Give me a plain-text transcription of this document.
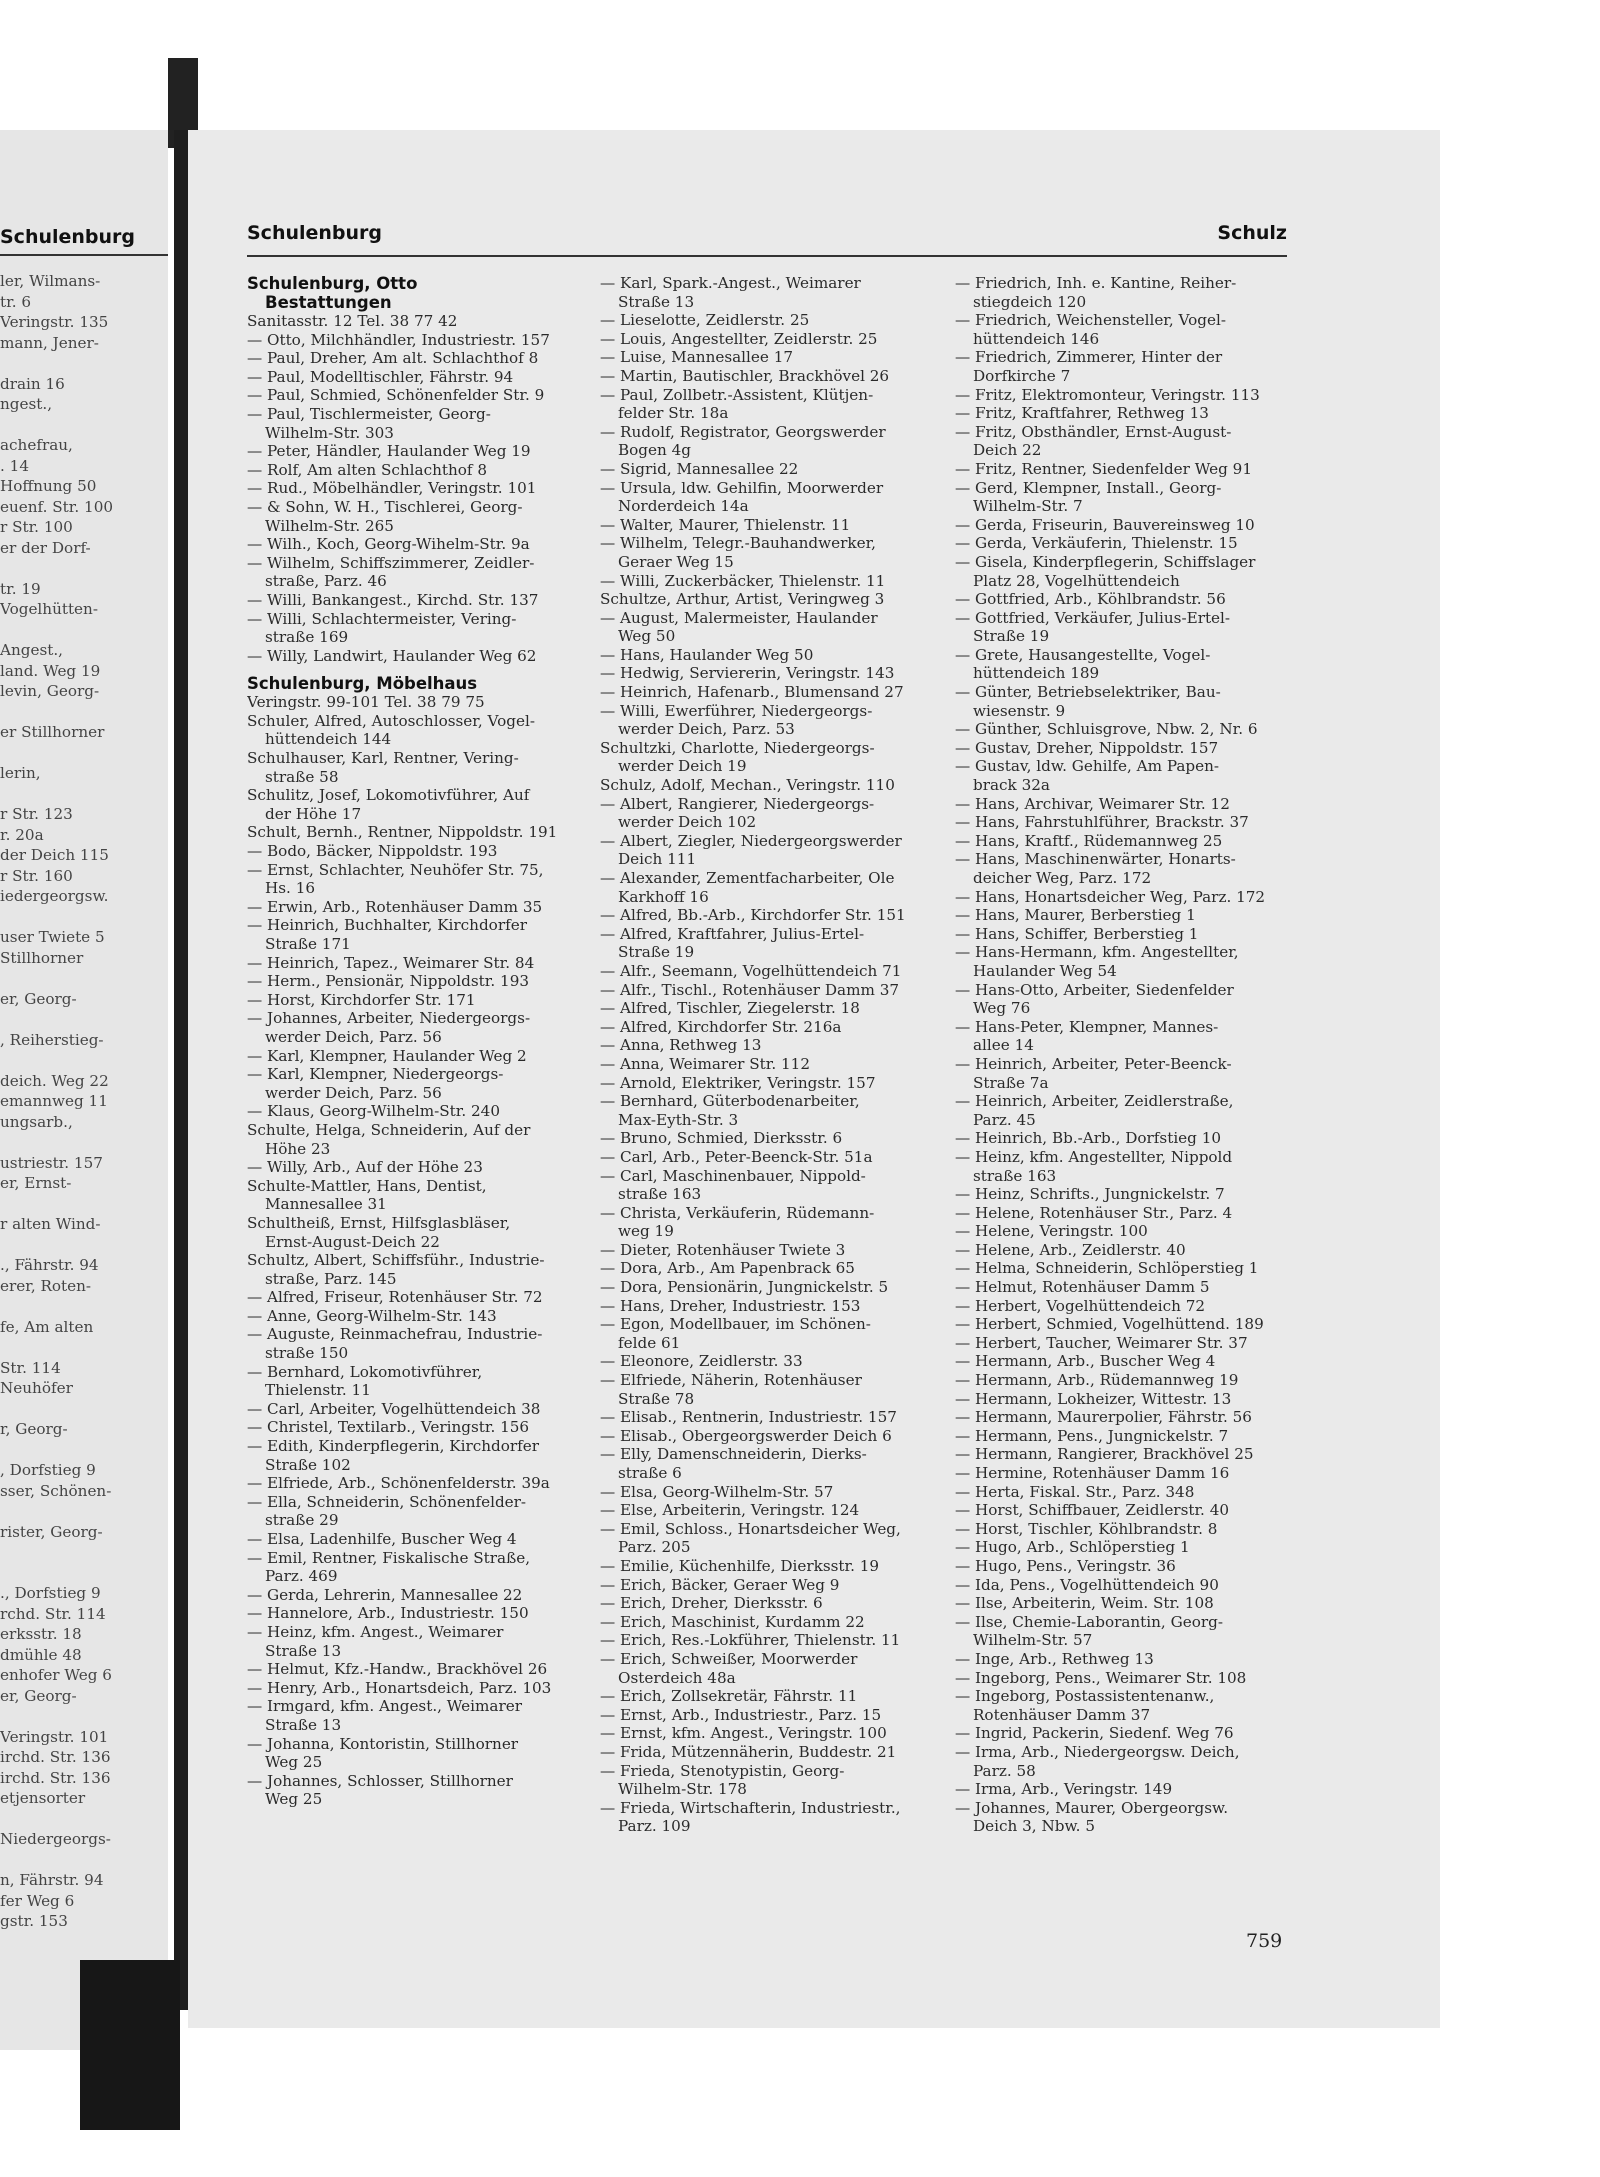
Schulenburg
ler, Wilmans-
tr. 6
Veringstr. 135
mann, Jener-

drain 16
ngest.,

achefrau,
. 14
Hoffnung 50
euenf. Str. 100
r Str. 100
er der Dorf-

tr. 19
Vogelhütten-

Angest.,
land. Weg 19
levin, Georg-

er Stillhorner

lerin,

r Str. 123
r. 20a
der Deich 115
r Str. 160
iedergeorgsw.

user Twiete 5
Stillhorner

er, Georg-

, Reiherstieg-

deich. Weg 22
emannweg 11
ungsarb.,

ustriestr. 157
er, Ernst-

r alten Wind-

., Fährstr. 94
erer, Roten-

fe, Am alten

Str. 114
Neuhöfer

r, Georg-

, Dorfstieg 9
sser, Schönen-

rister, Georg-

., Dorfstieg 9
rchd. Str. 114
erksstr. 18
dmühle 48
enhofer Weg 6
er, Georg-

Veringstr. 101
irchd. Str. 136
irchd. Str. 136
etjensorter

Niedergeorgs-

n, Fährstr. 94
fer Weg 6
gstr. 153
Schulenburg	Schulz
Schulenburg, Otto
Bestattungen
Sanitasstr. 12 Tel. 38 77 42
— Otto, Milchhändler, Industriestr. 157
— Paul, Dreher, Am alt. Schlachthof 8
— Paul, Modelltischler, Fährstr. 94
— Paul, Schmied, Schönenfelder Str. 9
— Paul, Tischlermeister, Georg-
Wilhelm-Str. 303
— Peter, Händler, Haulander Weg 19
— Rolf, Am alten Schlachthof 8
— Rud., Möbelhändler, Veringstr. 101
— & Sohn, W. H., Tischlerei, Georg-
Wilhelm-Str. 265
— Wilh., Koch, Georg-Wihelm-Str. 9a
— Wilhelm, Schiffszimmerer, Zeidler-
straße, Parz. 46
— Willi, Bankangest., Kirchd. Str. 137
— Willi, Schlachtermeister, Vering-
straße 169
— Willy, Landwirt, Haulander Weg 62
Schulenburg, Möbelhaus
Veringstr. 99-101 Tel. 38 79 75
Schuler, Alfred, Autoschlosser, Vogel-
hüttendeich 144
Schulhauser, Karl, Rentner, Vering-
straße 58
Schulitz, Josef, Lokomotivführer, Auf
der Höhe 17
Schult, Bernh., Rentner, Nippoldstr. 191
— Bodo, Bäcker, Nippoldstr. 193
— Ernst, Schlachter, Neuhöfer Str. 75,
Hs. 16
— Erwin, Arb., Rotenhäuser Damm 35
— Heinrich, Buchhalter, Kirchdorfer
Straße 171
— Heinrich, Tapez., Weimarer Str. 84
— Herm., Pensionär, Nippoldstr. 193
— Horst, Kirchdorfer Str. 171
— Johannes, Arbeiter, Niedergeorgs-
werder Deich, Parz. 56
— Karl, Klempner, Haulander Weg 2
— Karl, Klempner, Niedergeorgs-
werder Deich, Parz. 56
— Klaus, Georg-Wilhelm-Str. 240
Schulte, Helga, Schneiderin, Auf der
Höhe 23
— Willy, Arb., Auf der Höhe 23
Schulte-Mattler, Hans, Dentist,
Mannesallee 31
Schultheiß, Ernst, Hilfsglasbläser,
Ernst-August-Deich 22
Schultz, Albert, Schiffsführ., Industrie-
straße, Parz. 145
— Alfred, Friseur, Rotenhäuser Str. 72
— Anne, Georg-Wilhelm-Str. 143
— Auguste, Reinmachefrau, Industrie-
straße 150
— Bernhard, Lokomotivführer,
Thielenstr. 11
— Carl, Arbeiter, Vogelhüttendeich 38
— Christel, Textilarb., Veringstr. 156
— Edith, Kinderpflegerin, Kirchdorfer
Straße 102
— Elfriede, Arb., Schönenfelderstr. 39a
— Ella, Schneiderin, Schönenfelder-
straße 29
— Elsa, Ladenhilfe, Buscher Weg 4
— Emil, Rentner, Fiskalische Straße,
Parz. 469
— Gerda, Lehrerin, Mannesallee 22
— Hannelore, Arb., Industriestr. 150
— Heinz, kfm. Angest., Weimarer
Straße 13
— Helmut, Kfz.-Handw., Brackhövel 26
— Henry, Arb., Honartsdeich, Parz. 103
— Irmgard, kfm. Angest., Weimarer
Straße 13
— Johanna, Kontoristin, Stillhorner
Weg 25
— Johannes, Schlosser, Stillhorner
Weg 25
— Karl, Spark.-Angest., Weimarer
Straße 13
— Lieselotte, Zeidlerstr. 25
— Louis, Angestellter, Zeidlerstr. 25
— Luise, Mannesallee 17
— Martin, Bautischler, Brackhövel 26
— Paul, Zollbetr.-Assistent, Klütjen-
felder Str. 18a
— Rudolf, Registrator, Georgswerder
Bogen 4g
— Sigrid, Mannesallee 22
— Ursula, ldw. Gehilfin, Moorwerder
Norderdeich 14a
— Walter, Maurer, Thielenstr. 11
— Wilhelm, Telegr.-Bauhandwerker,
Geraer Weg 15
— Willi, Zuckerbäcker, Thielenstr. 11
Schultze, Arthur, Artist, Veringweg 3
— August, Malermeister, Haulander
Weg 50
— Hans, Haulander Weg 50
— Hedwig, Serviererin, Veringstr. 143
— Heinrich, Hafenarb., Blumensand 27
— Willi, Ewerführer, Niedergeorgs-
werder Deich, Parz. 53
Schultzki, Charlotte, Niedergeorgs-
werder Deich 19
Schulz, Adolf, Mechan., Veringstr. 110
— Albert, Rangierer, Niedergeorgs-
werder Deich 102
— Albert, Ziegler, Niedergeorgswerder
Deich 111
— Alexander, Zementfacharbeiter, Ole
Karkhoff 16
— Alfred, Bb.-Arb., Kirchdorfer Str. 151
— Alfred, Kraftfahrer, Julius-Ertel-
Straße 19
— Alfr., Seemann, Vogelhüttendeich 71
— Alfr., Tischl., Rotenhäuser Damm 37
— Alfred, Tischler, Ziegelerstr. 18
— Alfred, Kirchdorfer Str. 216a
— Anna, Rethweg 13
— Anna, Weimarer Str. 112
— Arnold, Elektriker, Veringstr. 157
— Bernhard, Güterbodenarbeiter,
Max-Eyth-Str. 3
— Bruno, Schmied, Dierksstr. 6
— Carl, Arb., Peter-Beenck-Str. 51a
— Carl, Maschinenbauer, Nippold-
straße 163
— Christa, Verkäuferin, Rüdemann-
weg 19
— Dieter, Rotenhäuser Twiete 3
— Dora, Arb., Am Papenbrack 65
— Dora, Pensionärin, Jungnickelstr. 5
— Hans, Dreher, Industriestr. 153
— Egon, Modellbauer, im Schönen-
felde 61
— Eleonore, Zeidlerstr. 33
— Elfriede, Näherin, Rotenhäuser
Straße 78
— Elisab., Rentnerin, Industriestr. 157
— Elisab., Obergeorgswerder Deich 6
— Elly, Damenschneiderin, Dierks-
straße 6
— Elsa, Georg-Wilhelm-Str. 57
— Else, Arbeiterin, Veringstr. 124
— Emil, Schloss., Honartsdeicher Weg,
Parz. 205
— Emilie, Küchenhilfe, Dierksstr. 19
— Erich, Bäcker, Geraer Weg 9
— Erich, Dreher, Dierksstr. 6
— Erich, Maschinist, Kurdamm 22
— Erich, Res.-Lokführer, Thielenstr. 11
— Erich, Schweißer, Moorwerder
Osterdeich 48a
— Erich, Zollsekretär, Fährstr. 11
— Ernst, Arb., Industriestr., Parz. 15
— Ernst, kfm. Angest., Veringstr. 100
— Frida, Mützennäherin, Buddestr. 21
— Frieda, Stenotypistin, Georg-
Wilhelm-Str. 178
— Frieda, Wirtschafterin, Industriestr.,
Parz. 109
— Friedrich, Inh. e. Kantine, Reiher-
stiegdeich 120
— Friedrich, Weichensteller, Vogel-
hüttendeich 146
— Friedrich, Zimmerer, Hinter der
Dorfkirche 7
— Fritz, Elektromonteur, Veringstr. 113
— Fritz, Kraftfahrer, Rethweg 13
— Fritz, Obsthändler, Ernst-August-
Deich 22
— Fritz, Rentner, Siedenfelder Weg 91
— Gerd, Klempner, Install., Georg-
Wilhelm-Str. 7
— Gerda, Friseurin, Bauvereinsweg 10
— Gerda, Verkäuferin, Thielenstr. 15
— Gisela, Kinderpflegerin, Schiffslager
Platz 28, Vogelhüttendeich
— Gottfried, Arb., Köhlbrandstr. 56
— Gottfried, Verkäufer, Julius-Ertel-
Straße 19
— Grete, Hausangestellte, Vogel-
hüttendeich 189
— Günter, Betriebselektriker, Bau-
wiesenstr. 9
— Günther, Schluisgrove, Nbw. 2, Nr. 6
— Gustav, Dreher, Nippoldstr. 157
— Gustav, ldw. Gehilfe, Am Papen-
brack 32a
— Hans, Archivar, Weimarer Str. 12
— Hans, Fahrstuhlführer, Brackstr. 37
— Hans, Kraftf., Rüdemannweg 25
— Hans, Maschinenwärter, Honarts-
deicher Weg, Parz. 172
— Hans, Honartsdeicher Weg, Parz. 172
— Hans, Maurer, Berberstieg 1
— Hans, Schiffer, Berberstieg 1
— Hans-Hermann, kfm. Angestellter,
Haulander Weg 54
— Hans-Otto, Arbeiter, Siedenfelder
Weg 76
— Hans-Peter, Klempner, Mannes-
allee 14
— Heinrich, Arbeiter, Peter-Beenck-
Straße 7a
— Heinrich, Arbeiter, Zeidlerstraße,
Parz. 45
— Heinrich, Bb.-Arb., Dorfstieg 10
— Heinz, kfm. Angestellter, Nippold
straße 163
— Heinz, Schrifts., Jungnickelstr. 7
— Helene, Rotenhäuser Str., Parz. 4
— Helene, Veringstr. 100
— Helene, Arb., Zeidlerstr. 40
— Helma, Schneiderin, Schlöperstieg 1
— Helmut, Rotenhäuser Damm 5
— Herbert, Vogelhüttendeich 72
— Herbert, Schmied, Vogelhüttend. 189
— Herbert, Taucher, Weimarer Str. 37
— Hermann, Arb., Buscher Weg 4
— Hermann, Arb., Rüdemannweg 19
— Hermann, Lokheizer, Wittestr. 13
— Hermann, Maurerpolier, Fährstr. 56
— Hermann, Pens., Jungnickelstr. 7
— Hermann, Rangierer, Brackhövel 25
— Hermine, Rotenhäuser Damm 16
— Herta, Fiskal. Str., Parz. 348
— Horst, Schiffbauer, Zeidlerstr. 40
— Horst, Tischler, Köhlbrandstr. 8
— Hugo, Arb., Schlöperstieg 1
— Hugo, Pens., Veringstr. 36
— Ida, Pens., Vogelhüttendeich 90
— Ilse, Arbeiterin, Weim. Str. 108
— Ilse, Chemie-Laborantin, Georg-
Wilhelm-Str. 57
— Inge, Arb., Rethweg 13
— Ingeborg, Pens., Weimarer Str. 108
— Ingeborg, Postassistentenanw.,
Rotenhäuser Damm 37
— Ingrid, Packerin, Siedenf. Weg 76
— Irma, Arb., Niedergeorgsw. Deich,
Parz. 58
— Irma, Arb., Veringstr. 149
— Johannes, Maurer, Obergeorgsw.
Deich 3, Nbw. 5
759
